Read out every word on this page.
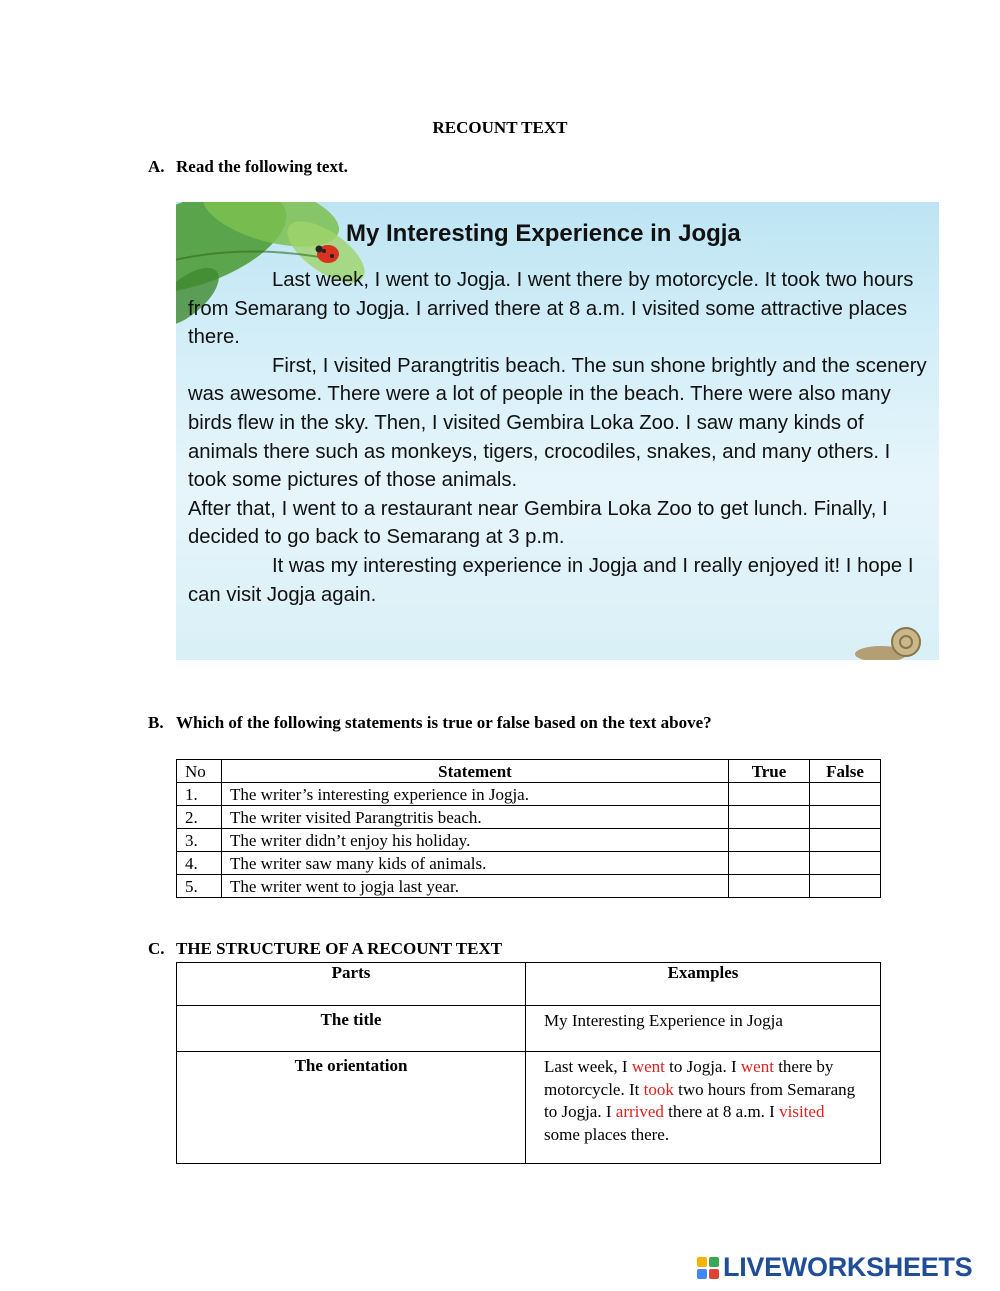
RECOUNT TEXT
A. Read the following text.
My Interesting Experience in Jogja

Last week, I went to Jogja. I went there by motorcycle. It took two hours from Semarang to Jogja. I arrived there at 8 a.m. I visited some attractive places there.

First, I visited Parangtritis beach. The sun shone brightly and the scenery was awesome. There were a lot of people in the beach. There were also many birds flew in the sky. Then, I visited Gembira Loka Zoo. I saw many kinds of animals there such as monkeys, tigers, crocodiles, snakes, and many others. I took some pictures of those animals.

After that, I went to a restaurant near Gembira Loka Zoo to get lunch. Finally, I decided to go back to Semarang at 3 p.m.

It was my interesting experience in Jogja and I really enjoyed it! I hope I can visit Jogja again.

B. Which of the following statements is true or false based on the text above?
No	Statement	True	False
1.	The writer’s interesting experience in Jogja.		
2.	The writer visited Parangtritis beach.		
3.	The writer didn’t enjoy his holiday.		
4.	The writer saw many kids of animals.		
5.	The writer went to jogja last year.		
C. THE STRUCTURE OF A RECOUNT TEXT
Parts	Examples

The title	My Interesting Experience in Jogja

The orientation	Last week, I went to Jogja. I went there by motorcycle. It took two hours from Semarang to Jogja. I arrived there at 8 a.m. I visited some places there.
LIVEWORKSHEETS
